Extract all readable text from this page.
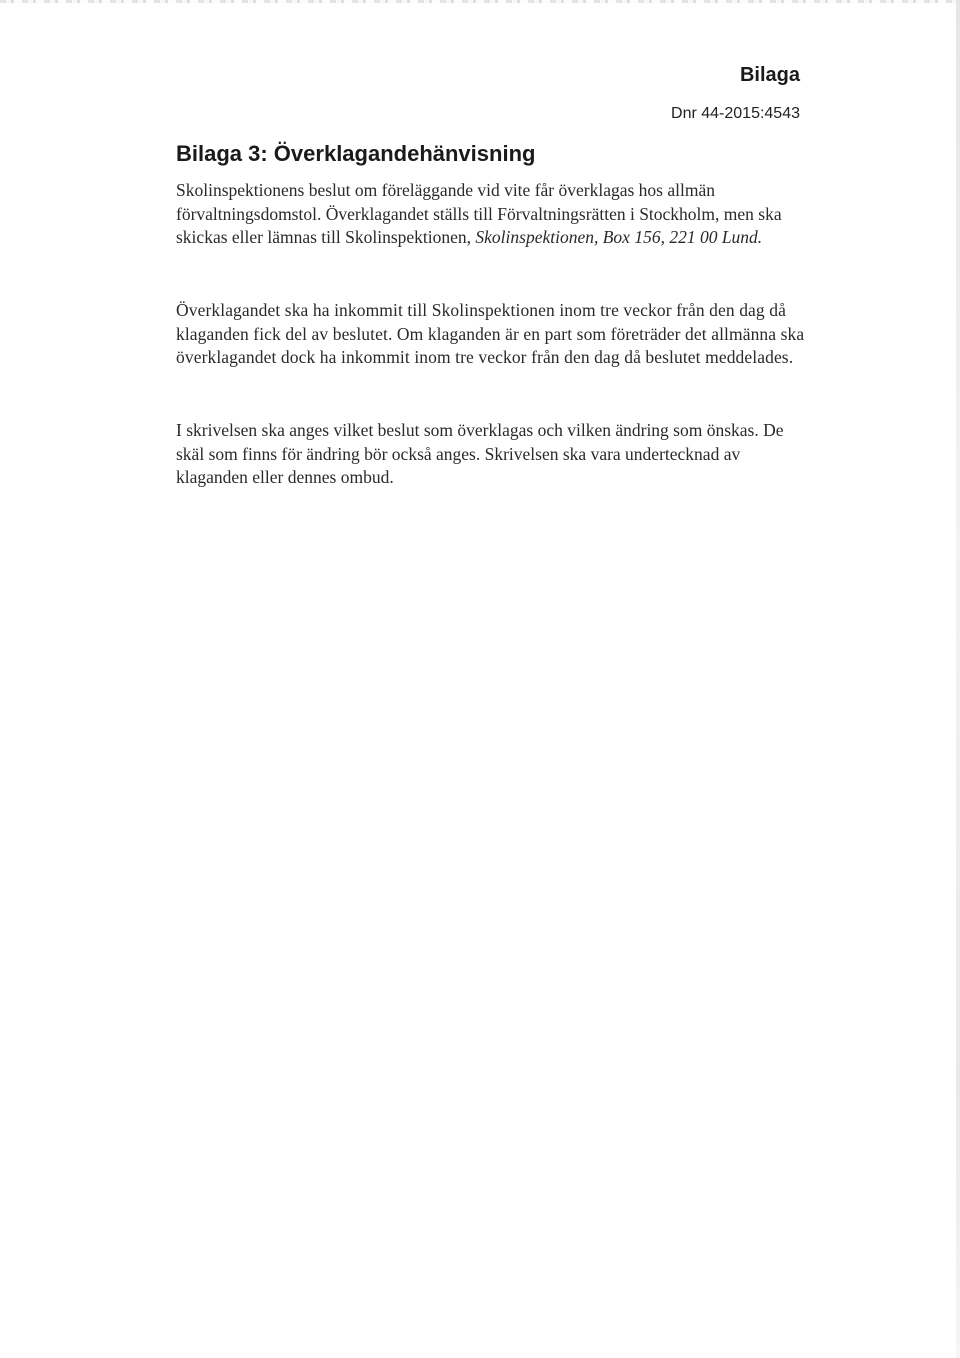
Bilaga

Dnr 44-2015:4543

Bilaga 3: Överklagandehänvisning

Skolinspektionens beslut om föreläggande vid vite får överklagas hos allmän förvaltningsdomstol. Överklagandet ställs till Förvaltningsrätten i Stockholm, men ska skickas eller lämnas till Skolinspektionen, Skolinspektionen, Box 156, 221 00 Lund.

Överklagandet ska ha inkommit till Skolinspektionen inom tre veckor från den dag då klaganden fick del av beslutet. Om klaganden är en part som företräder det allmänna ska överklagandet dock ha inkommit inom tre veckor från den dag då beslutet meddelades.

I skrivelsen ska anges vilket beslut som överklagas och vilken ändring som önskas. De skäl som finns för ändring bör också anges. Skrivelsen ska vara undertecknad av klaganden eller dennes ombud.
